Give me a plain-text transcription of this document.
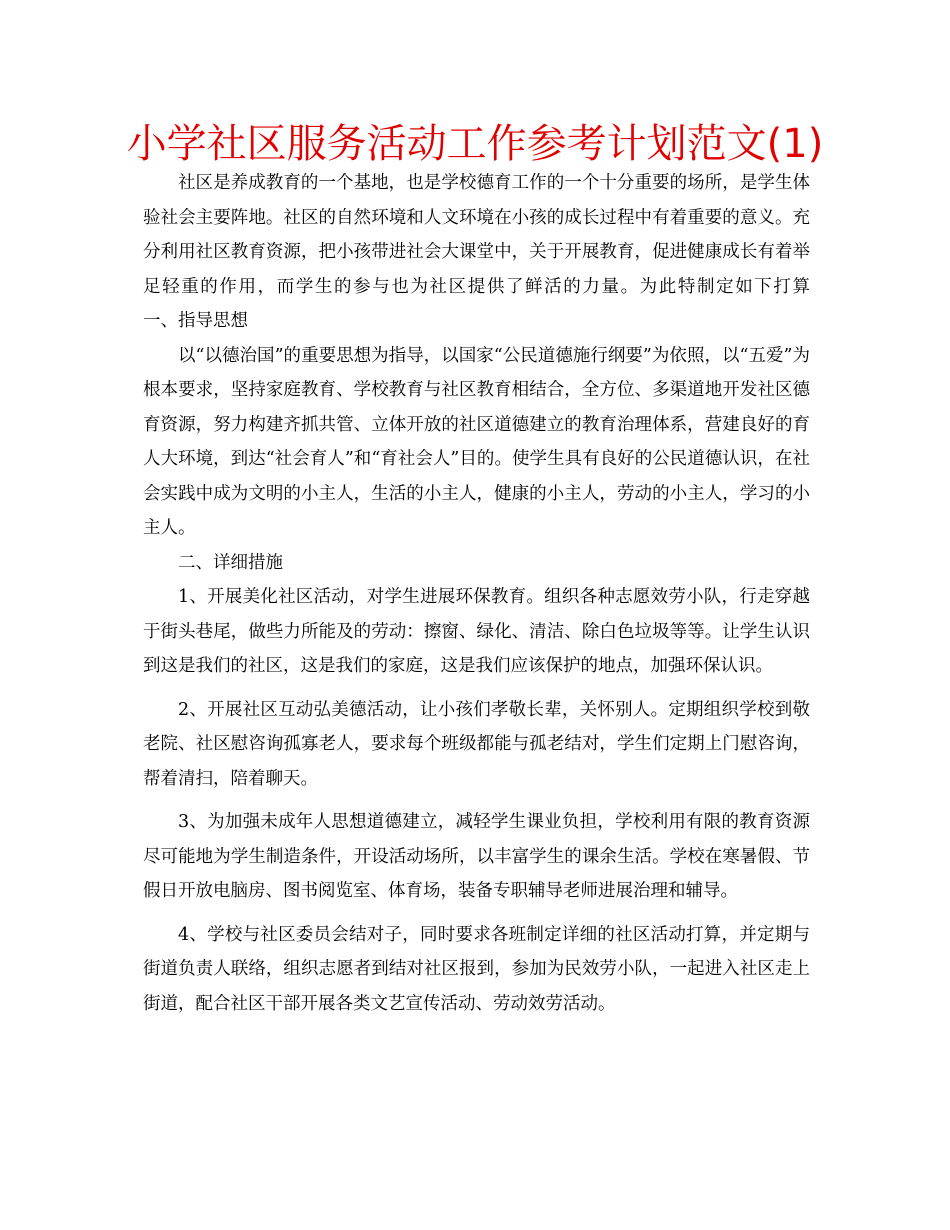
小学社区服务活动工作参考计划范文(1)

社区是养成教育的一个基地，也是学校德育工作的一个十分重要的场所，是学生体验社会主要阵地。社区的自然环境和人文环境在小孩的成长过程中有着重要的意义。充分利用社区教育资源，把小孩带进社会大课堂中，关于开展教育，促进健康成长有着举足轻重的作用，而学生的参与也为社区提供了鲜活的力量。为此特制定如下打算　　一、指导思想

以“以德治国”的重要思想为指导，以国家“公民道德施行纲要”为依照，以“五爱”为根本要求，坚持家庭教育、学校教育与社区教育相结合，全方位、多渠道地开发社区德育资源，努力构建齐抓共管、立体开放的社区道德建立的教育治理体系，营建良好的育人大环境，到达“社会育人”和“育社会人”目的。使学生具有良好的公民道德认识，在社会实践中成为文明的小主人，生活的小主人，健康的小主人，劳动的小主人，学习的小主人。

二、详细措施

1、开展美化社区活动，对学生进展环保教育。组织各种志愿效劳小队，行走穿越于街头巷尾，做些力所能及的劳动：擦窗、绿化、清洁、除白色垃圾等等。让学生认识到这是我们的社区，这是我们的家庭，这是我们应该保护的地点，加强环保认识。

2、开展社区互动弘美德活动，让小孩们孝敬长辈，关怀别人。定期组织学校到敬老院、社区慰咨询孤寡老人，要求每个班级都能与孤老结对，学生们定期上门慰咨询，帮着清扫，陪着聊天。

3、为加强未成年人思想道德建立，减轻学生课业负担，学校利用有限的教育资源尽可能地为学生制造条件，开设活动场所，以丰富学生的课余生活。学校在寒暑假、节假日开放电脑房、图书阅览室、体育场，装备专职辅导老师进展治理和辅导。

4、学校与社区委员会结对子，同时要求各班制定详细的社区活动打算，并定期与街道负责人联络，组织志愿者到结对社区报到，参加为民效劳小队，一起进入社区走上街道，配合社区干部开展各类文艺宣传活动、劳动效劳活动。
